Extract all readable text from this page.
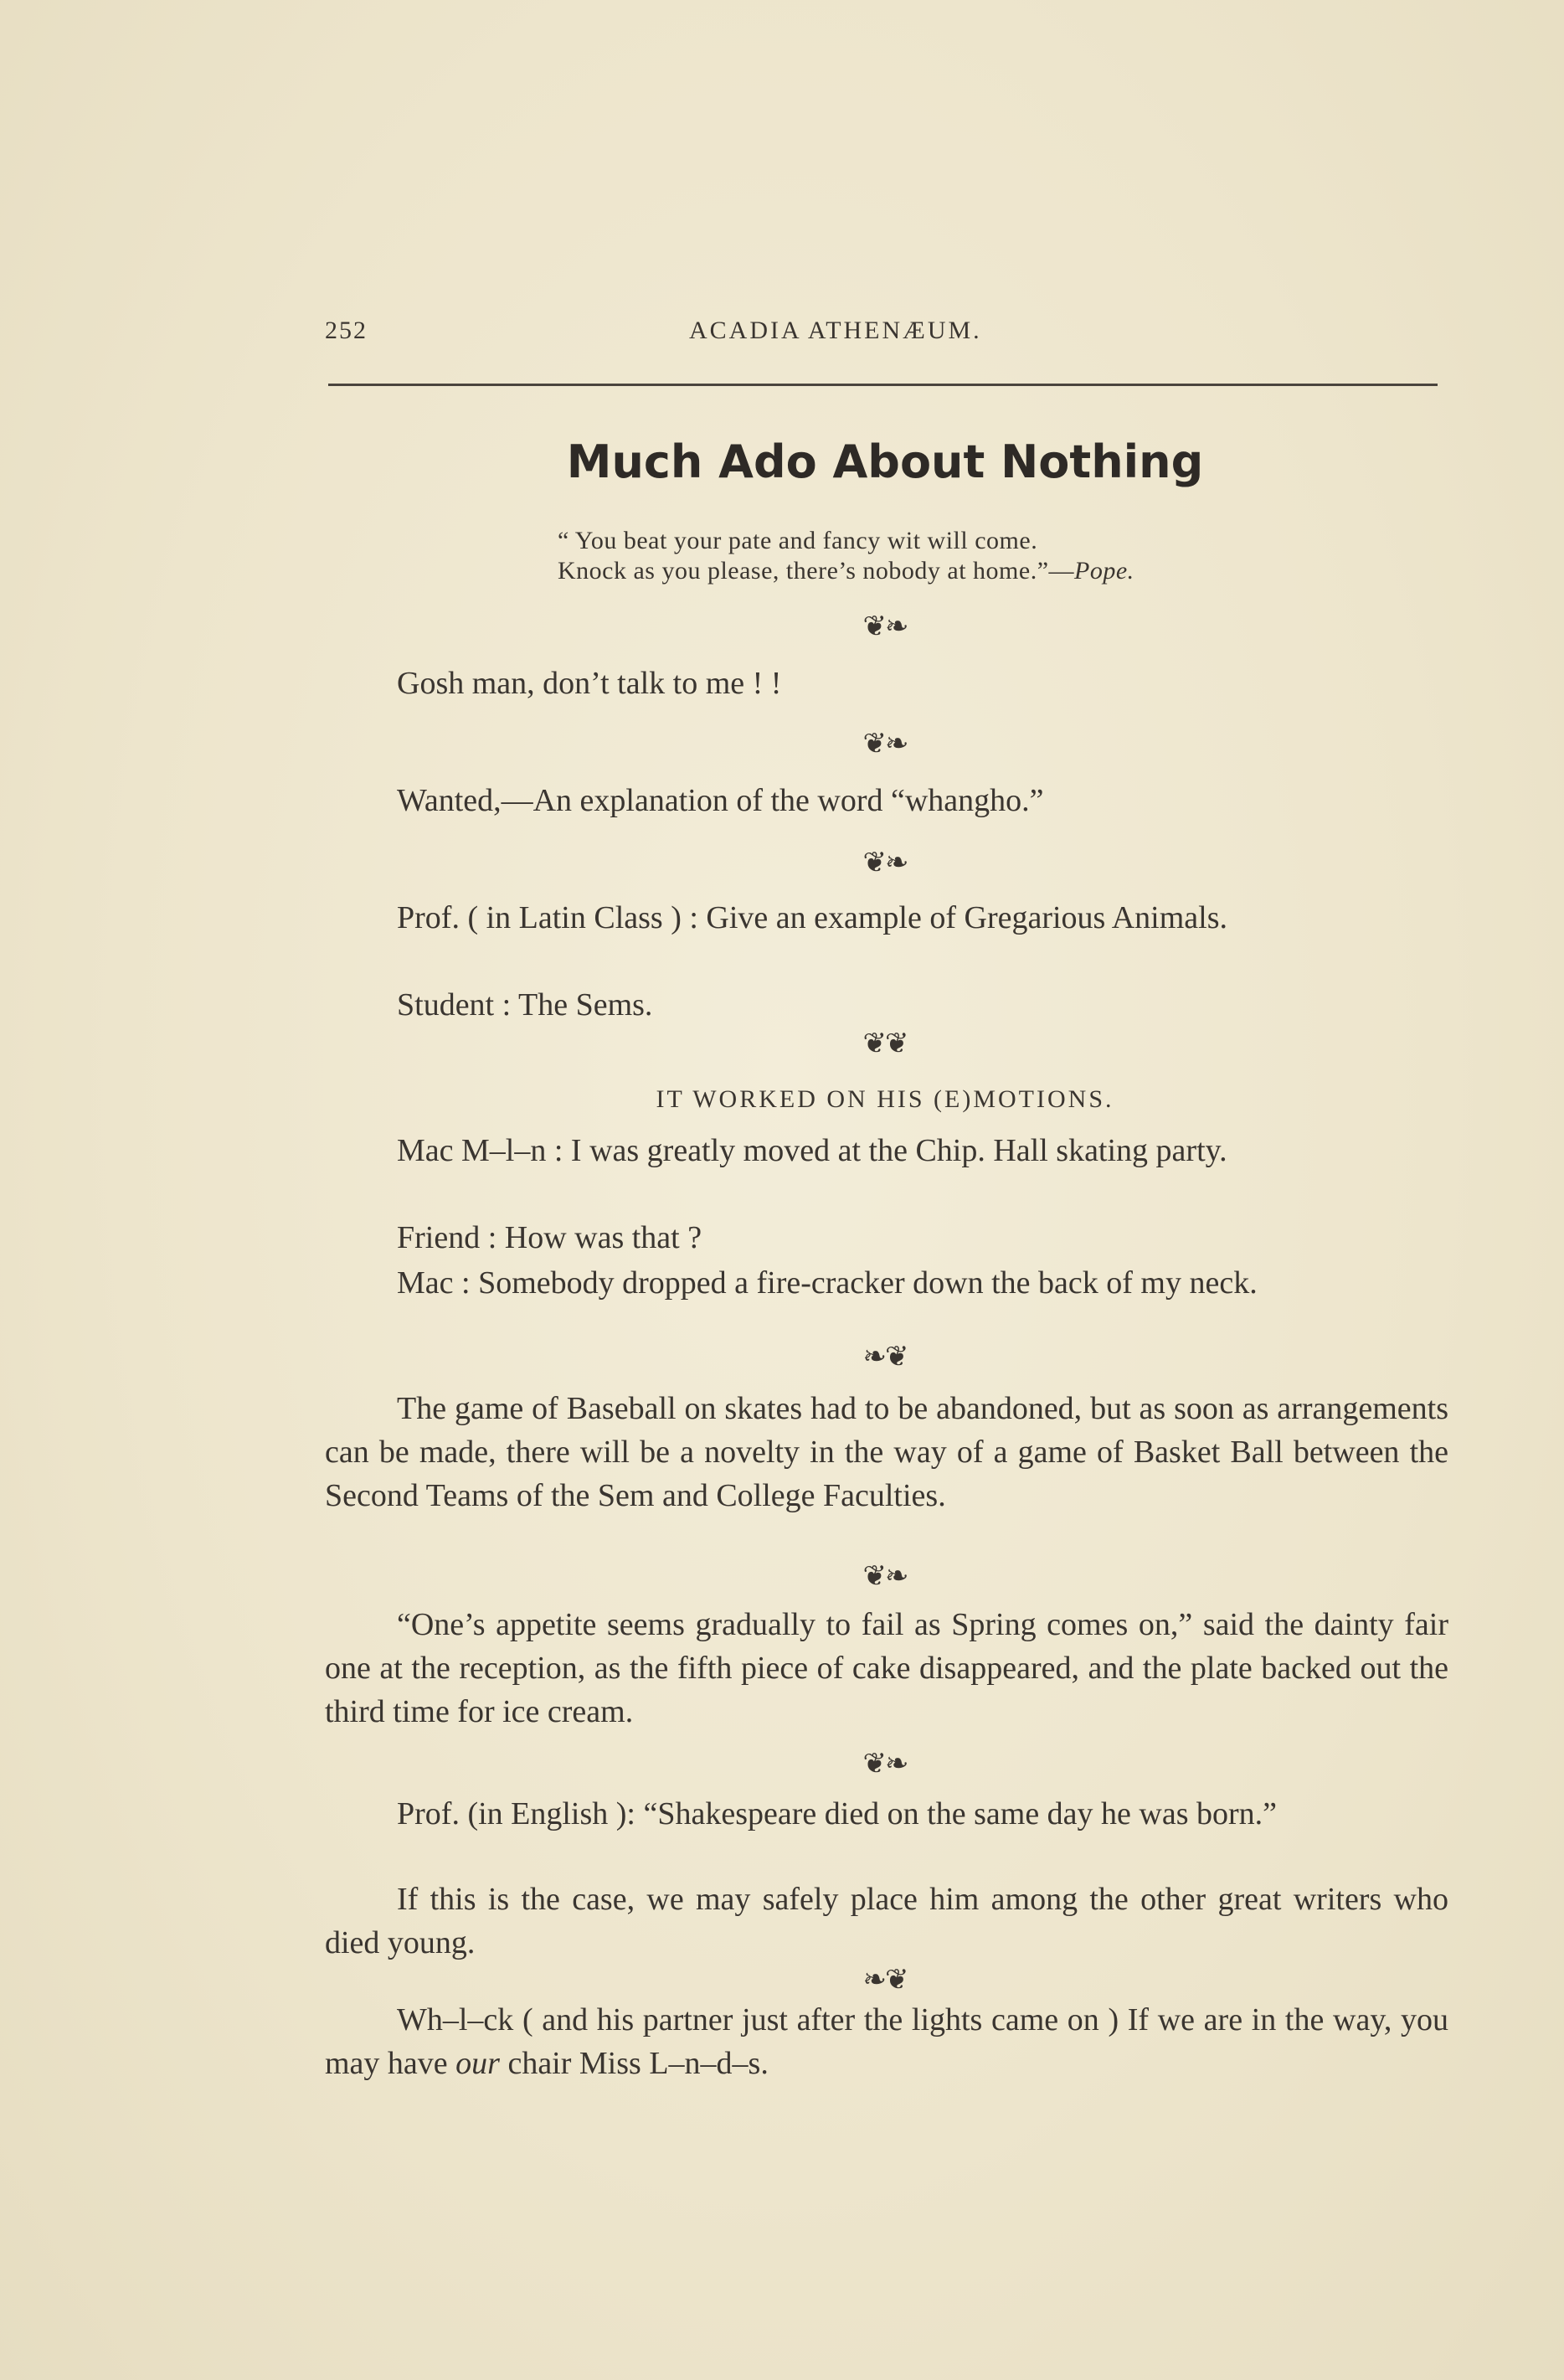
252	ACADIA ATHENÆUM.
Much Ado About Nothing
“ You beat your pate and fancy wit will come.
Knock as you please, there’s nobody at home.”—Pope.
❦❧

Gosh man, don’t talk to me ! !

❦❧

Wanted,—An explanation of the word “whangho.”

❦❧

Prof. ( in Latin Class ) : Give an example of Gregarious Animals.

Student : The Sems.

❦❦
IT WORKED ON HIS (E)MOTIONS.

Mac M–l–n : I was greatly moved at the Chip. Hall skating party.

Friend : How was that ?

Mac : Somebody dropped a fire-cracker down the back of my neck.

❧❦

The game of Baseball on skates had to be abandoned, but as soon as arrangements can be made, there will be a novelty in the way of a game of Basket Ball between the Second Teams of the Sem and College Faculties.

❦❧

“One’s appetite seems gradually to fail as Spring comes on,” said the dainty fair one at the reception, as the fifth piece of cake disappeared, and the plate backed out the third time for ice cream.

❦❧

Prof. (in English ): “Shakespeare died on the same day he was born.”

If this is the case, we may safely place him among the other great writers who died young.

❧❦

Wh–l–ck ( and his partner just after the lights came on ) If we are in the way, you may have our chair Miss L–n–d–s.
